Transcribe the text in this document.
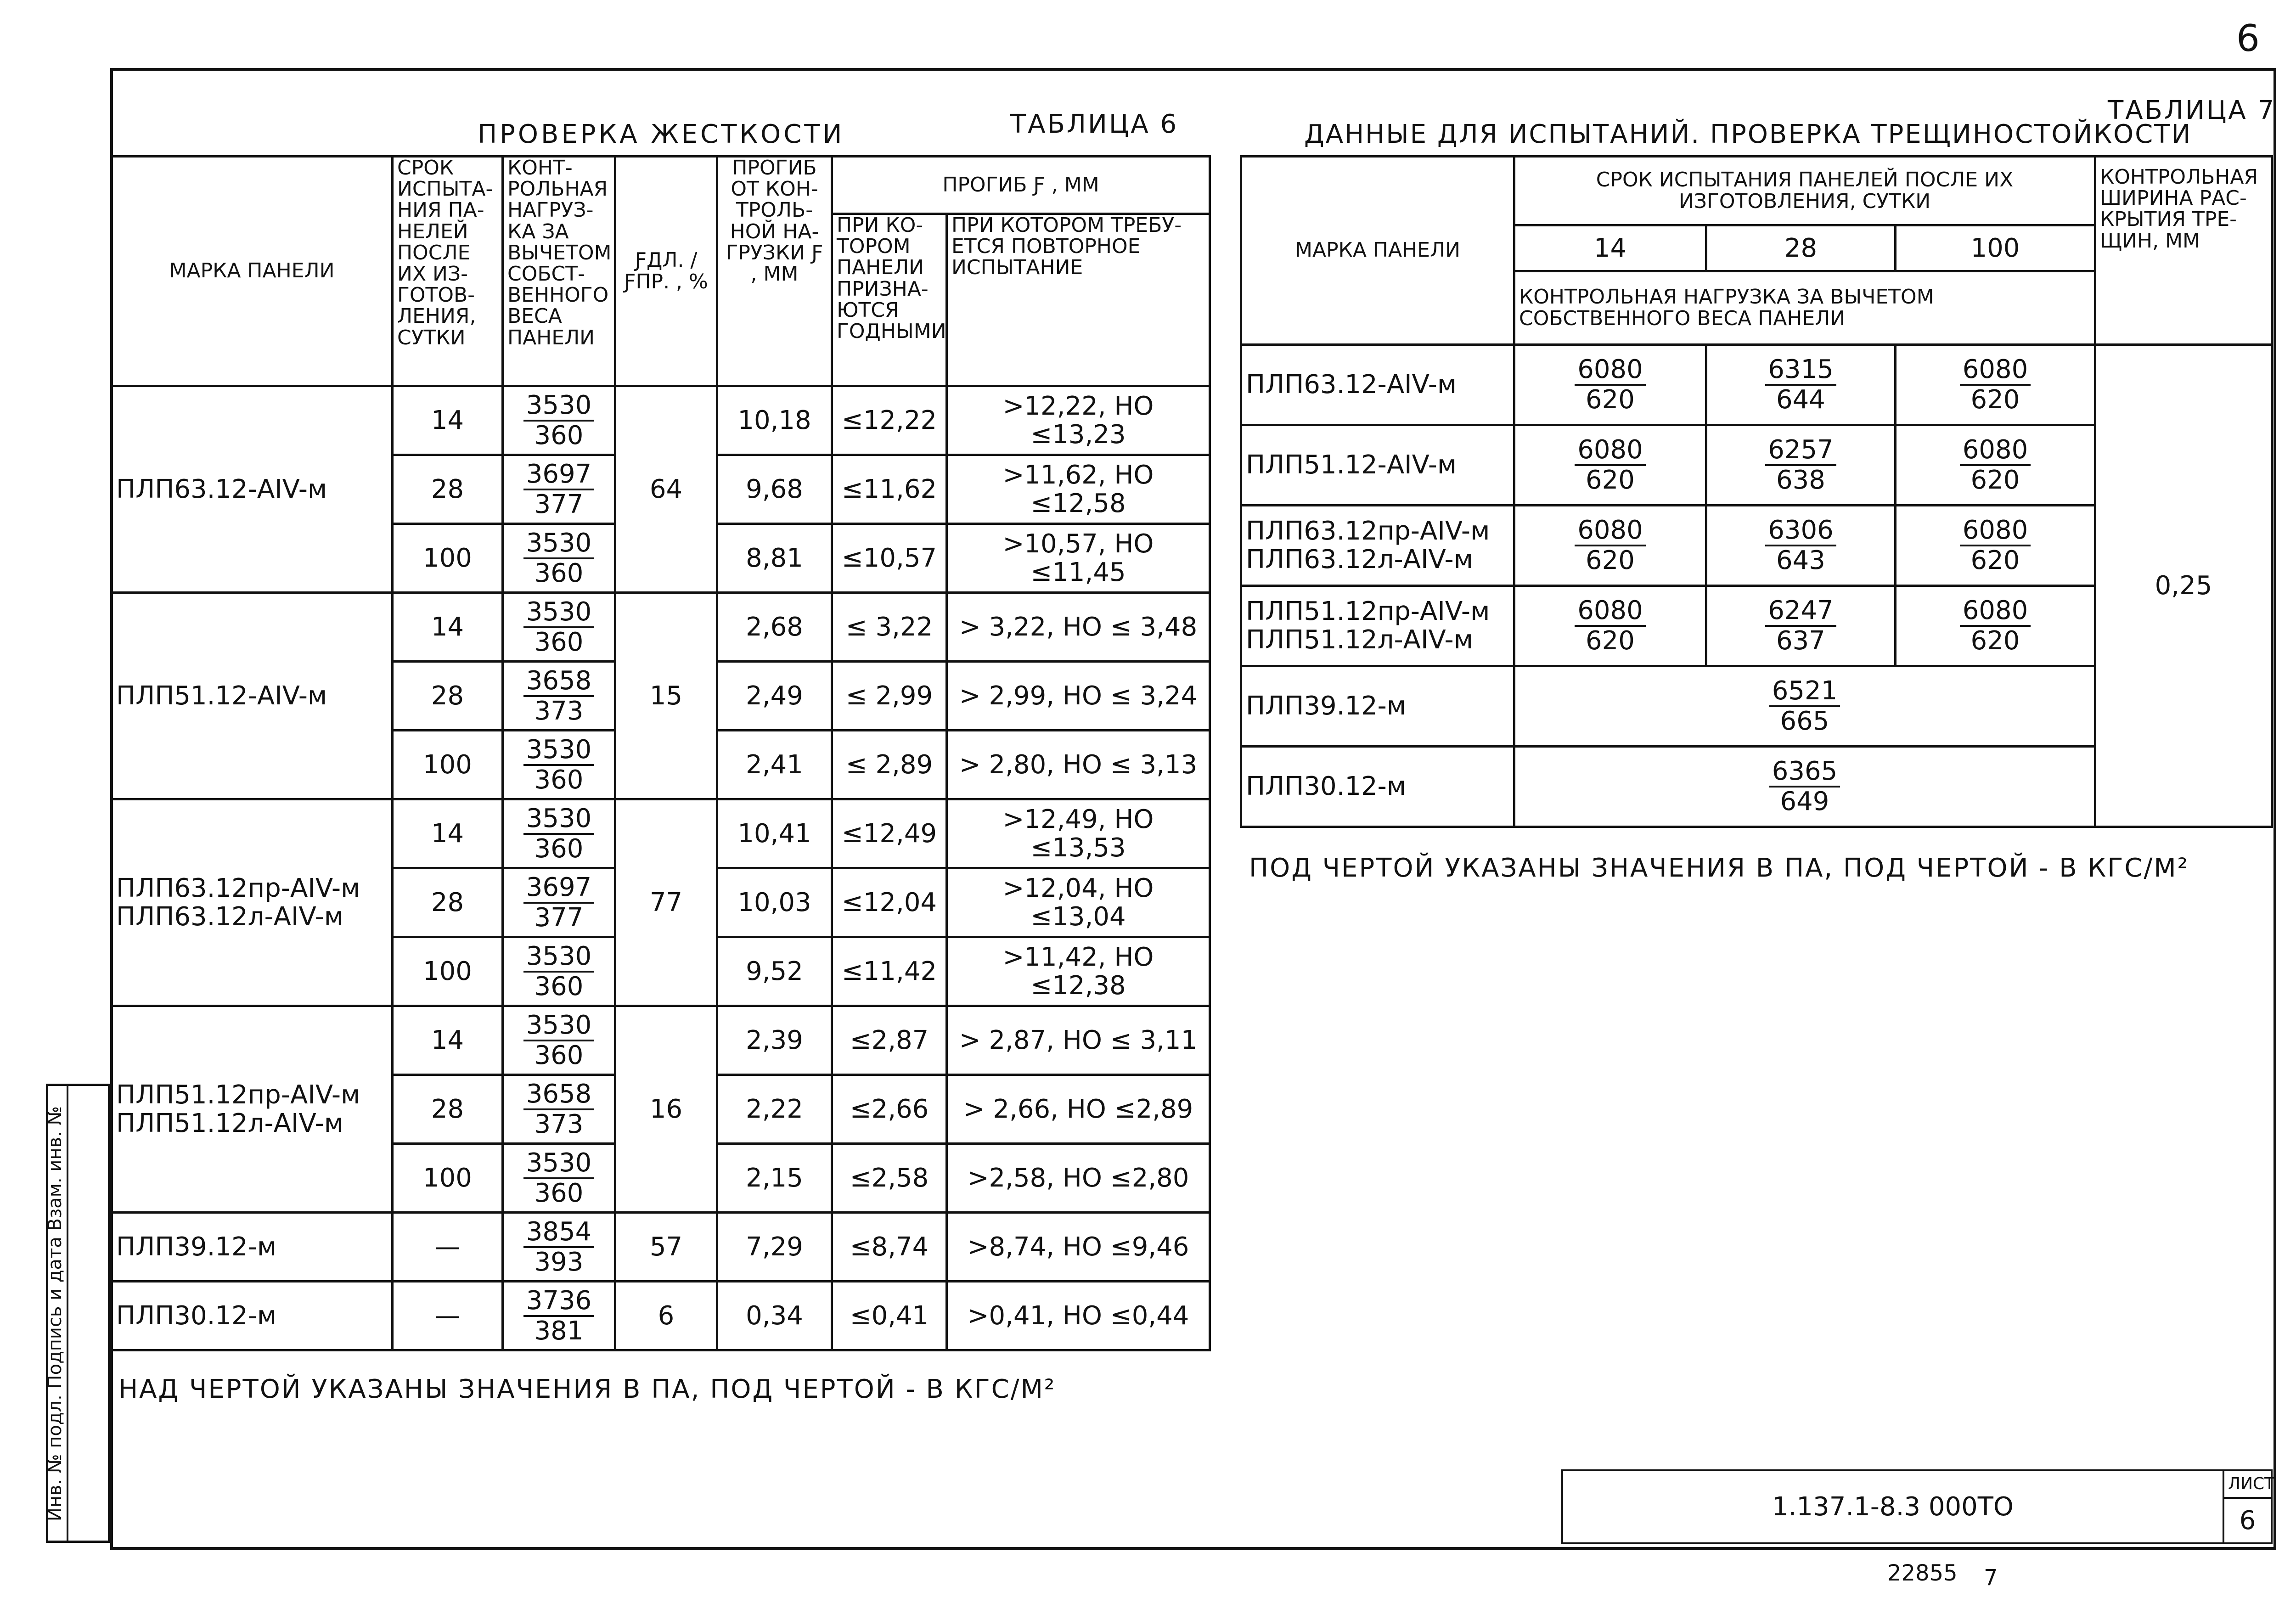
6
ПРОВЕРКА ЖЕСТКОСТИ	ТАБЛИЦА 6
МАРКА ПАНЕЛИ	СРОК ИСПЫТА- НИЯ ПА- НЕЛЕЙ ПОСЛЕ ИХ ИЗ- ГОТОВ- ЛЕНИЯ, СУТКИ	КОНТ- РОЛЬНАЯ НАГРУЗ- КА ЗА ВЫЧЕТОМ СОБСТ- ВЕННОГО ВЕСА ПАНЕЛИ	ƑДЛ. / ƑПР. , %	ПРОГИБ ОТ КОН- ТРОЛЬ- НОЙ НА- ГРУЗКИ Ƒ , ММ	ПРОГИБ Ƒ , ММ	
					ПРИ КО- ТОРОМ ПАНЕЛИ ПРИЗНА- ЮТСЯ ГОДНЫМИ	ПРИ КОТОРОМ ТРЕБУ- ЕТСЯ ПОВТОРНОЕ ИСПЫТАНИЕ
ПЛП63.12-АIV-м	14	$\frac{3530}{360}$	64	10,18	≤12,22	>12,22, НО ≤13,23
	28	$\frac{3697}{377}$		9,68	≤11,62	>11,62, НО ≤12,58
	100	$\frac{3530}{360}$		8,81	≤10,57	>10,57, НО ≤11,45
ПЛП51.12-АIV-м	14	$\frac{3530}{360}$	15	2,68	≤ 3,22	> 3,22, НО ≤ 3,48
	28	$\frac{3658}{373}$		2,49	≤ 2,99	> 2,99, НО ≤ 3,24
	100	$\frac{3530}{360}$		2,41	≤ 2,89	> 2,80, НО ≤ 3,13
ПЛП63.12пр-АIV-м ПЛП63.12л-АIV-м	14	$\frac{3530}{360}$	77	10,41	≤12,49	>12,49, НО ≤13,53
	28	$\frac{3697}{377}$		10,03	≤12,04	>12,04, НО ≤13,04
	100	$\frac{3530}{360}$		9,52	≤11,42	>11,42, НО ≤12,38
ПЛП51.12пр-АIV-м ПЛП51.12л-АIV-м	14	$\frac{3530}{360}$	16	2,39	≤2,87	> 2,87, НО ≤ 3,11
	28	$\frac{3658}{373}$		2,22	≤2,66	> 2,66, НО ≤2,89
	100	$\frac{3530}{360}$		2,15	≤2,58	>2,58, НО ≤2,80
ПЛП39.12-м	—	$\frac{3854}{393}$	57	7,29	≤8,74	>8,74, НО ≤9,46
ПЛП30.12-м	—	$\frac{3736}{381}$	6	0,34	≤0,41	>0,41, НО ≤0,44
НАД ЧЕРТОЙ УКАЗАНЫ ЗНАЧЕНИЯ В ПА, ПОД ЧЕРТОЙ - В КГС/М²
ДАННЫЕ ДЛЯ ИСПЫТАНИЙ. ПРОВЕРКА ТРЕЩИНОСТОЙКОСТИ
ТАБЛИЦА 7
МАРКА ПАНЕЛИ	СРОК ИСПЫТАНИЯ ПАНЕЛЕЙ ПОСЛЕ ИХ ИЗГОТОВЛЕНИЯ, СУТКИ			КОНТРОЛЬНАЯ ШИРИНА РАС- КРЫТИЯ ТРЕ- ЩИН, ММ
	14	28	100	
	КОНТРОЛЬНАЯ НАГРУЗКА ЗА ВЫЧЕТОМ СОБСТВЕННОГО ВЕСА ПАНЕЛИ			
ПЛП63.12-АIV-м	$\frac{6080}{620}$	$\frac{6315}{644}$	$\frac{6080}{620}$	0,25
ПЛП51.12-АIV-м	$\frac{6080}{620}$	$\frac{6257}{638}$	$\frac{6080}{620}$

ПЛП63.12пр-АIV-м ПЛП63.12л-АIV-м	$\frac{6080}{620}$	$\frac{6306}{643}$	$\frac{6080}{620}$

ПЛП51.12пр-АIV-м ПЛП51.12л-АIV-м	$\frac{6080}{620}$	$\frac{6247}{637}$	$\frac{6080}{620}$

ПЛП39.12-м	$\frac{6521}{665}$

ПЛП30.12-м	$\frac{6365}{649}$
ПОД ЧЕРТОЙ УКАЗАНЫ ЗНАЧЕНИЯ В ПА, ПОД ЧЕРТОЙ - В КГС/М²
Инв. № подл. Подпись и дата Взам. инв. №	1.137.1-8.3 000ТО	ЛИСТ
6
22855 7
